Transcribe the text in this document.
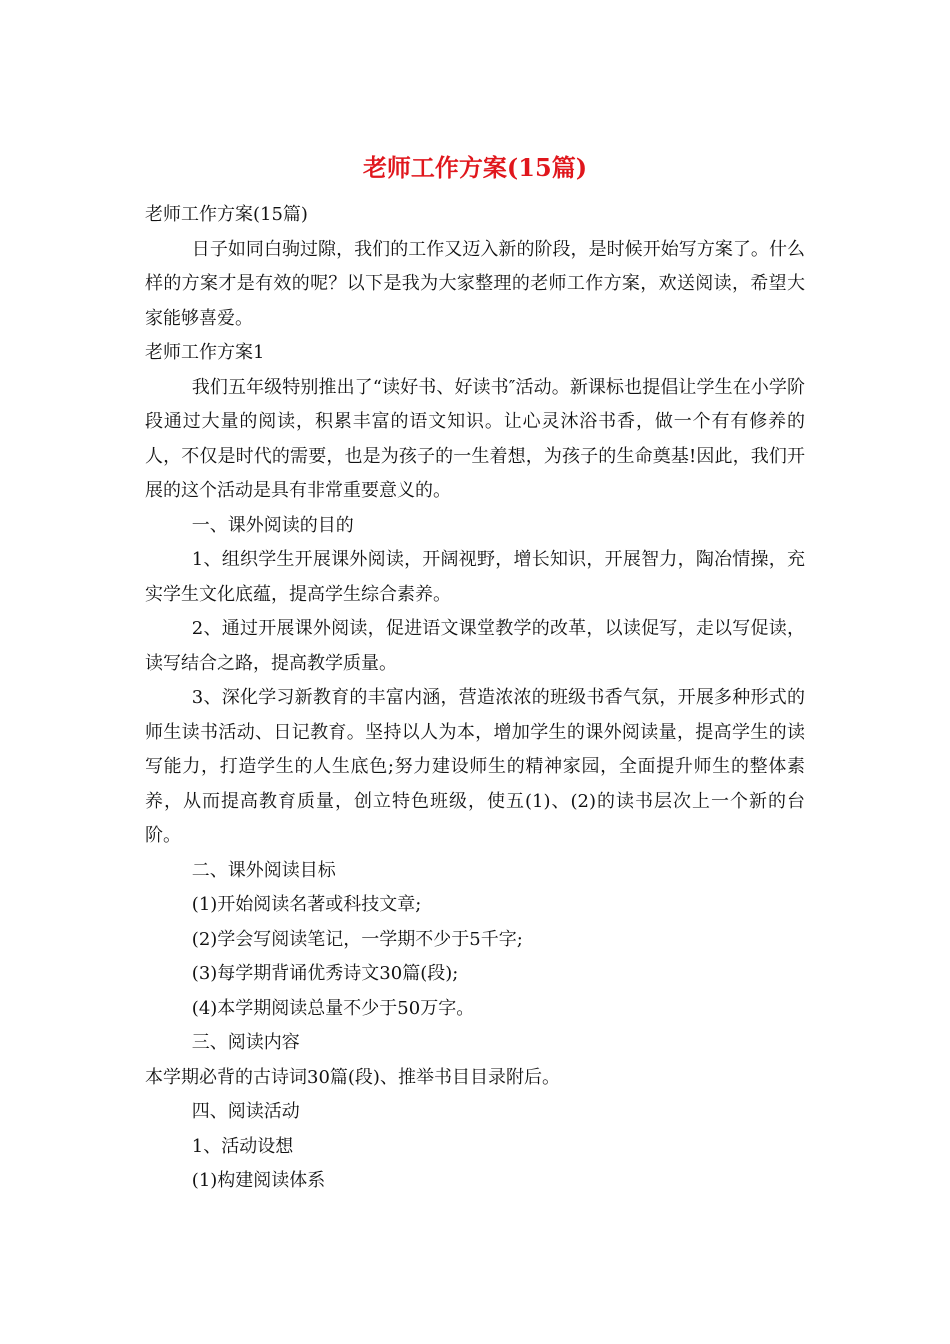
老师工作方案(15篇)

老师工作方案(15篇)

日子如同白驹过隙，我们的工作又迈入新的阶段，是时候开始写方案了。什么样的方案才是有效的呢？以下是我为大家整理的老师工作方案，欢送阅读，希望大家能够喜爱。

老师工作方案1

我们五年级特别推出了“读好书、好读书″活动。新课标也提倡让学生在小学阶段通过大量的阅读，积累丰富的语文知识。让心灵沐浴书香，做一个有有修养的人，不仅是时代的需要，也是为孩子的一生着想，为孩子的生命奠基!因此，我们开展的这个活动是具有非常重要意义的。

一、课外阅读的目的

1、组织学生开展课外阅读，开阔视野，增长知识，开展智力，陶冶情操，充实学生文化底蕴，提高学生综合素养。

2、通过开展课外阅读，促进语文课堂教学的改革，以读促写，走以写促读，读写结合之路，提高教学质量。

3、深化学习新教育的丰富内涵，营造浓浓的班级书香气氛，开展多种形式的师生读书活动、日记教育。坚持以人为本，增加学生的课外阅读量，提高学生的读写能力，打造学生的人生底色;努力建设师生的精神家园，全面提升师生的整体素养，从而提高教育质量，创立特色班级，使五(1)、(2)的读书层次上一个新的台阶。

二、课外阅读目标

(1)开始阅读名著或科技文章;

(2)学会写阅读笔记，一学期不少于5千字;

(3)每学期背诵优秀诗文30篇(段);

(4)本学期阅读总量不少于50万字。

三、阅读内容

本学期必背的古诗词30篇(段)、推举书目目录附后。

四、阅读活动

1、活动设想

(1)构建阅读体系
